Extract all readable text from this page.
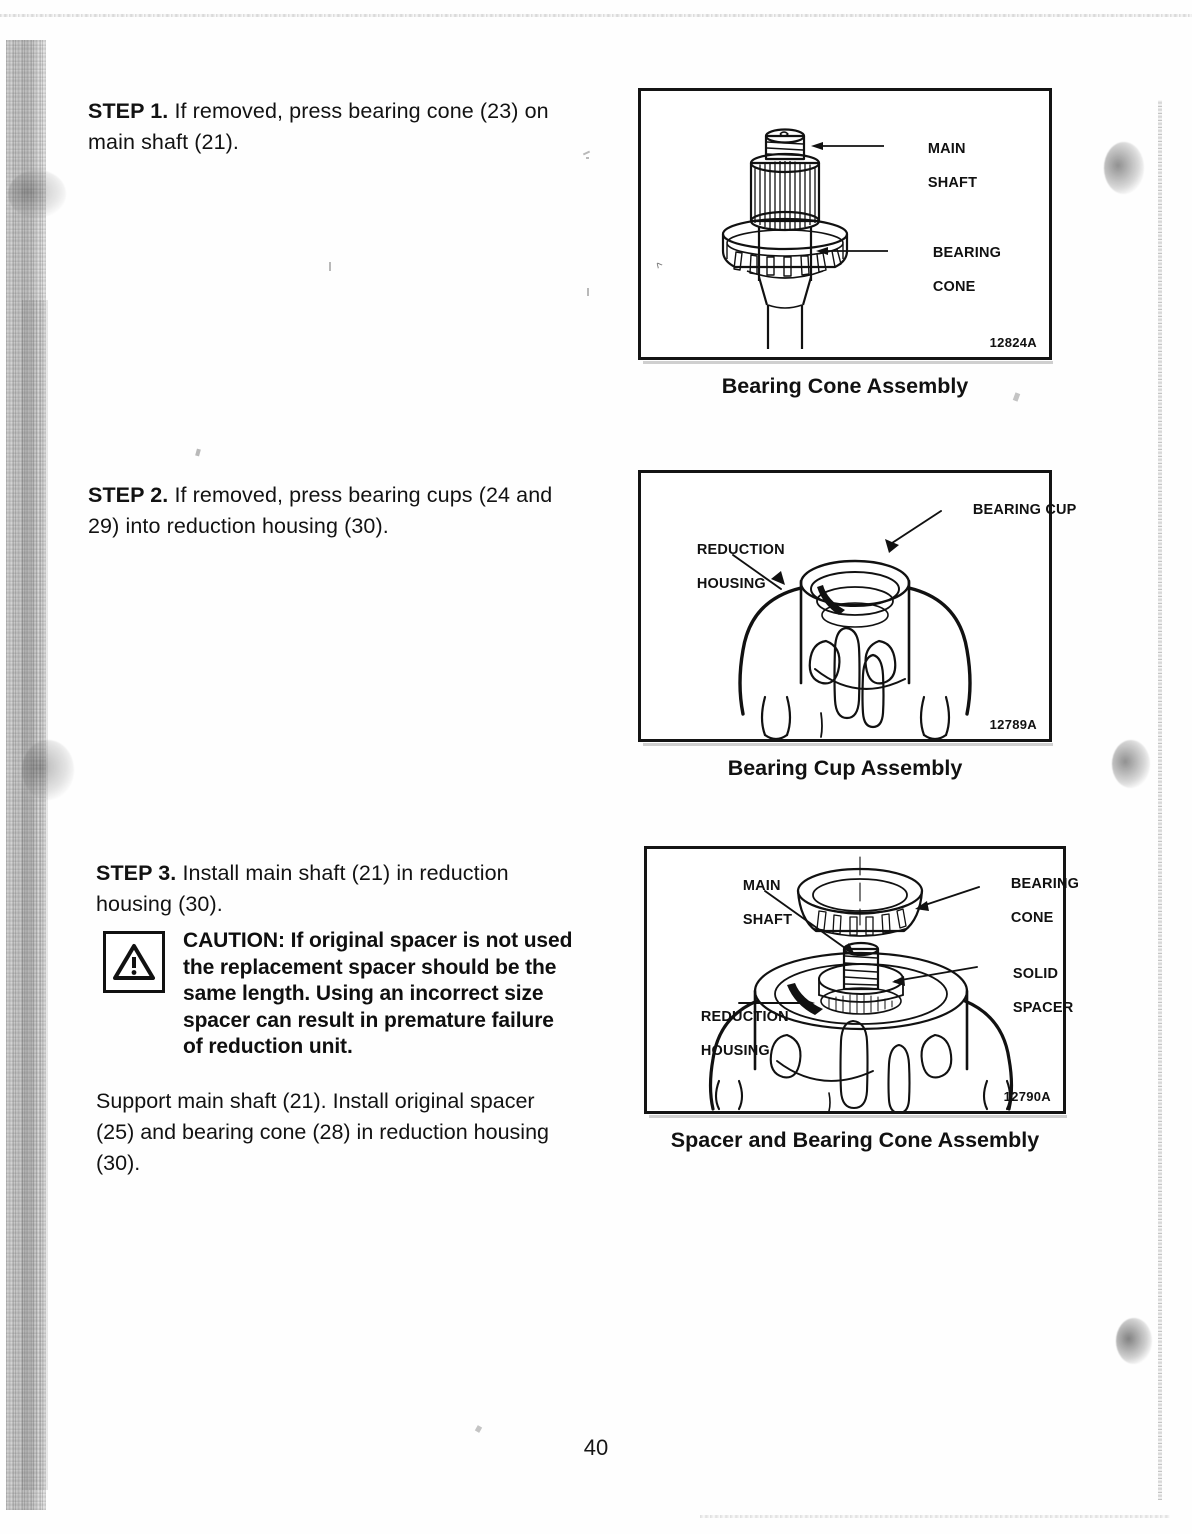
STEP 1. If removed, press bearing cone (23) on main shaft (21).	MAIN

SHAFT

BEARING

CONE

^
12824A
Bearing Cone Assembly
STEP 2. If removed, press bearing cups (24 and 29) into reduction housing (30).

BEARING CUP

REDUCTION

HOUSING

12789A
Bearing Cup Assembly
STEP 3. Install main shaft (21) in reduction housing (30).
CAUTION: If original spacer is not used the replacement spacer should be the same length. Using an incorrect size spacer can result in premature failure of reduction unit.
Support main shaft (21). Install original spacer (25) and bearing cone (28) in reduction housing (30).

MAIN

SHAFT

BEARING

CONE

SOLID

SPACER

REDUCTION

HOUSING

12790A
Spacer and Bearing Cone Assembly
40
